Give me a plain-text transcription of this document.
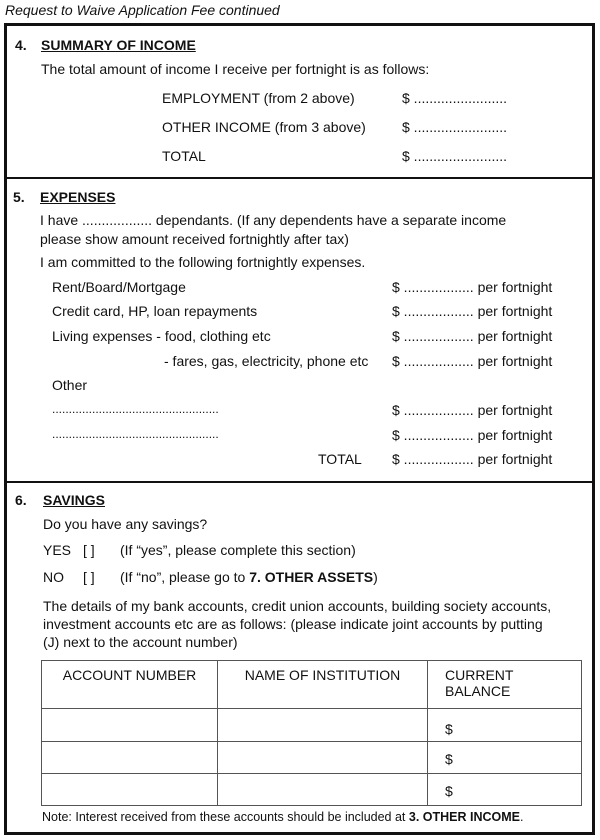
Request to Waive Application Fee continued
4. SUMMARY OF INCOME
The total amount of income I receive per fortnight is as follows:
EMPLOYMENT (from 2 above)	$ ........................
OTHER INCOME (from 3 above)	$ ........................
TOTAL	$ ........................
5. EXPENSES
I have .................. dependants. (If any dependents have a separate income
please show amount received fortnightly after tax)
I am committed to the following fortnightly expenses.
Rent/Board/Mortgage	$ .................. per fortnight
Credit card, HP, loan repayments	$ .................. per fortnight
Living expenses - food, clothing etc	$ .................. per fortnight
- fares, gas, electricity, phone etc $ .................. per fortnight
Other
..................................................	$ .................. per fortnight
..................................................	$ .................. per fortnight
TOTAL $ .................. per fortnight
6. SAVINGS
Do you have any savings?
YES [ ] (If “yes”, please complete this section)
NO [ ] (If “no”, please go to 7. OTHER ASSETS)
The details of my bank accounts, credit union accounts, building society accounts,
investment accounts etc are as follows: (please indicate joint accounts by putting
(J) next to the account number)
ACCOUNT NUMBER	NAME OF INSTITUTION	CURRENT
BALANCE

		$
		$
		$
Note: Interest received from these accounts should be included at 3. OTHER INCOME.
